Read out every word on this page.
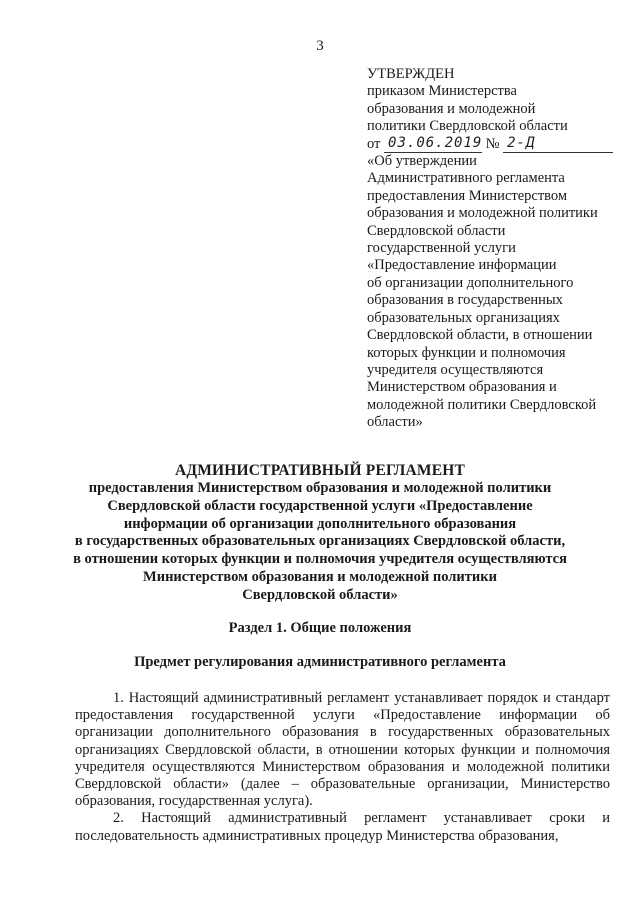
3
УТВЕРЖДЕН
приказом Министерства
образования и молодежной
политики Свердловской области
от 03.06.2019 № 2-Д
«Об утверждении
Административного регламента
предоставления Министерством
образования и молодежной политики
Свердловской области
государственной услуги
«Предоставление информации
об организации дополнительного
образования в государственных
образовательных организациях
Свердловской области, в отношении
которых функции и полномочия
учредителя осуществляются
Министерством образования и
молодежной политики Свердловской
области»
АДМИНИСТРАТИВНЫЙ РЕГЛАМЕНТ
предоставления Министерством образования и молодежной политики
Свердловской области государственной услуги «Предоставление
информации об организации дополнительного образования
в государственных образовательных организациях Свердловской области,
в отношении которых функции и полномочия учредителя осуществляются
Министерством образования и молодежной политики
Свердловской области»
Раздел 1. Общие положения
Предмет регулирования административного регламента

1. Настоящий административный регламент устанавливает порядок и стандарт предоставления государственной услуги «Предоставление информации об организации дополнительного образования в государственных образовательных организациях Свердловской области, в отношении которых функции и полномочия учредителя осуществляются Министерством образования и молодежной политики Свердловской области» (далее – образовательные организации, Министерство образования, государственная услуга).

2. Настоящий административный регламент устанавливает сроки и последовательность административных процедур Министерства образования,
